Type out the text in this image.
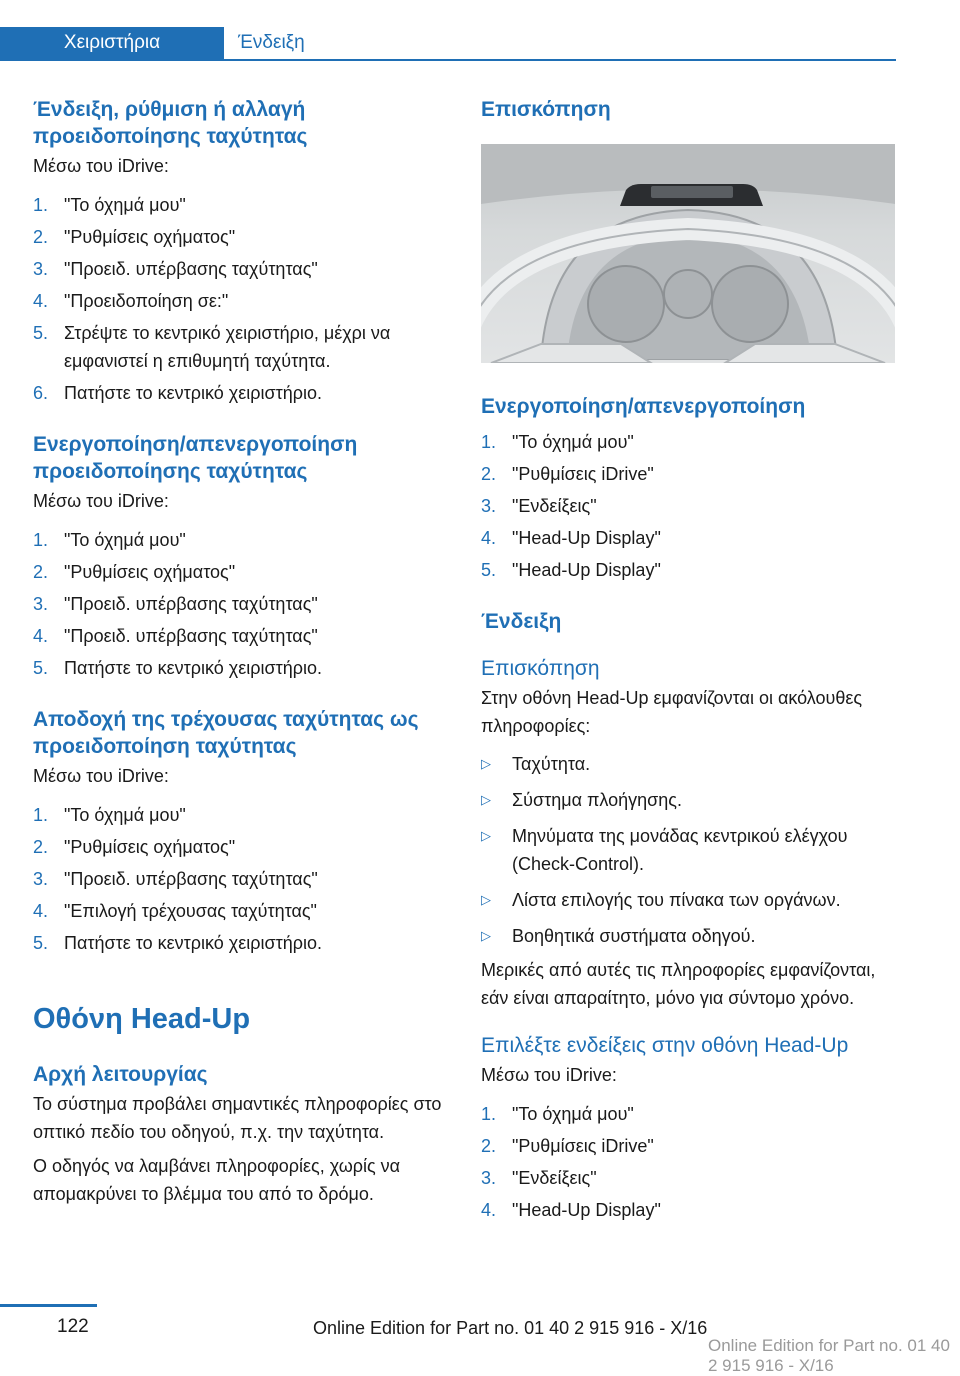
Χειριστήρια	Ένδειξη
Ένδειξη, ρύθμιση ή αλλαγή προειδοποίησης ταχύτητας

Μέσω του iDrive:

1. "Το όχημά μου"
2. "Ρυθμίσεις οχήματος"
3. "Προειδ. υπέρβασης ταχύτητας"
4. "Προειδοποίηση σε:"
5. Στρέψτε το κεντρικό χειριστήριο, μέχρι να εμφανιστεί η επιθυμητή ταχύτητα.
6. Πατήστε το κεντρικό χειριστήριο.
Ενεργοποίηση/απενεργοποίηση προειδοποίησης ταχύτητας

Μέσω του iDrive:

1. "Το όχημά μου"
2. "Ρυθμίσεις οχήματος"
3. "Προειδ. υπέρβασης ταχύτητας"
4. "Προειδ. υπέρβασης ταχύτητας"
5. Πατήστε το κεντρικό χειριστήριο.
Αποδοχή της τρέχουσας ταχύτητας ως προειδοποίηση ταχύτητας

Μέσω του iDrive:

1. "Το όχημά μου"
2. "Ρυθμίσεις οχήματος"
3. "Προειδ. υπέρβασης ταχύτητας"
4. "Επιλογή τρέχουσας ταχύτητας"
5. Πατήστε το κεντρικό χειριστήριο.
Οθόνη Head-Up
Αρχή λειτουργίας

Το σύστημα προβάλει σημαντικές πληροφορίες στο οπτικό πεδίο του οδηγού, π.χ. την ταχύτητα.

Ο οδηγός να λαμβάνει πληροφορίες, χωρίς να απομακρύνει το βλέμμα του από το δρόμο.

Επισκόπηση
Ενεργοποίηση/απενεργοποίηση
1. "Το όχημά μου"
2. "Ρυθμίσεις iDrive"
3. "Ενδείξεις"
4. "Head-Up Display"
5. "Head-Up Display"
Ένδειξη
Επισκόπηση

Στην οθόνη Head-Up εμφανίζονται οι ακόλουθες πληροφορίες:

▷ Ταχύτητα.
▷ Σύστημα πλοήγησης.
▷ Μηνύματα της μονάδας κεντρικού ελέγχου (Check-Control).
▷ Λίστα επιλογής του πίνακα των οργάνων.
▷ Βοηθητικά συστήματα οδηγού.

Μερικές από αυτές τις πληροφορίες εμφανίζονται, εάν είναι απαραίτητο, μόνο για σύντομο χρόνο.

Επιλέξτε ενδείξεις στην οθόνη Head-Up

Μέσω του iDrive:

1. "Το όχημά μου"
2. "Ρυθμίσεις iDrive"
3. "Ενδείξεις"
4. "Head-Up Display"
122	Online Edition for Part no. 01 40 2 915 916 - X/16
Online Edition for Part no. 01 40 2 915 916 - X/16
